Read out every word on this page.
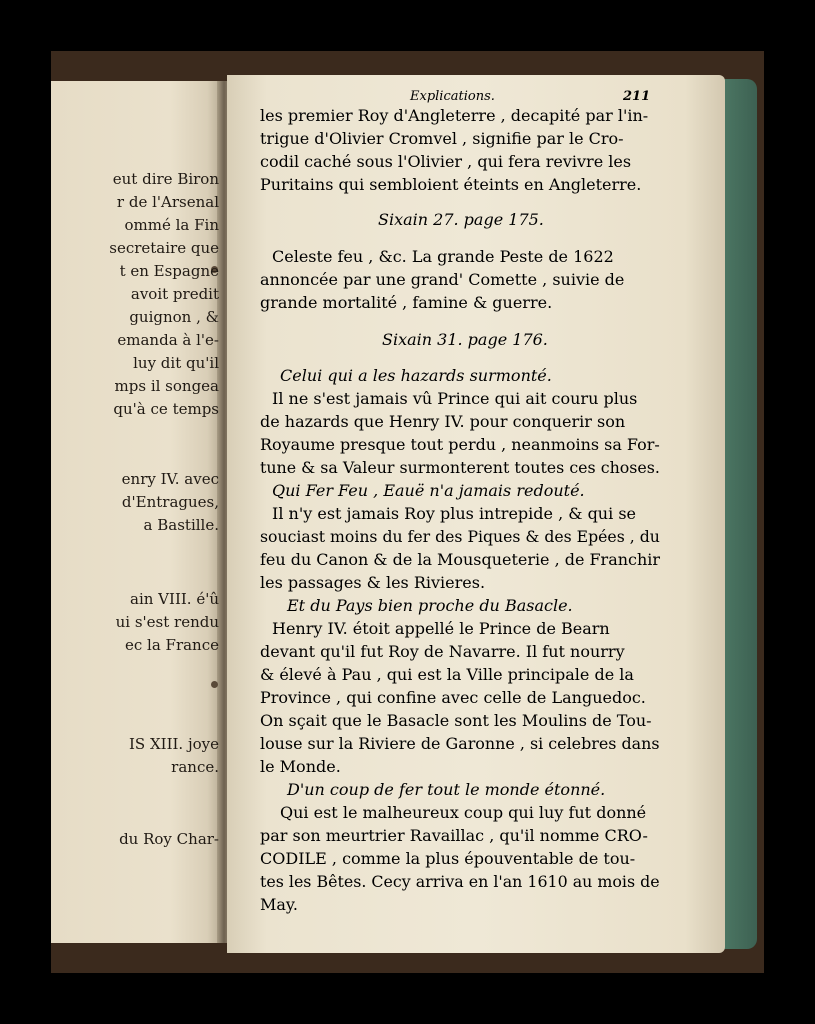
eut dire Biron
r de l'Arsenal
ommé la Fin
secretaire que
t en Espagne
avoit predit
guignon , &
emanda à l'e-
luy dit qu'il
mps il songea
qu'à ce temps
enry IV. avec
d'Entragues,
a Bastille.
ain VIII. é'û
ui s'est rendu
ec la France
IS XIII. joye
rance.
du Roy Char-
Explications.	211
les premier Roy d'Angleterre , decapité par l'in-
trigue d'Olivier Cromvel , signifie par le Cro-
codil caché sous l'Olivier , qui fera revivre les
Puritains qui sembloient éteints en Angleterre.
Sixain 27. page 175.
Celeste feu , &c. La grande Peste de 1622
annoncée par une grand' Comette , suivie de
grande mortalité , famine & guerre.
Sixain 31. page 176.
Celui qui a les hazards surmonté.
Il ne s'est jamais vû Prince qui ait couru plus
de hazards que Henry IV. pour conquerir son
Royaume presque tout perdu , neanmoins sa For-
tune & sa Valeur surmonterent toutes ces choses.
Qui Fer Feu , Eauë n'a jamais redouté.
Il n'y est jamais Roy plus intrepide , & qui se
souciast moins du fer des Piques & des Epées , du
feu du Canon & de la Mousqueterie , de Franchir
les passages & les Rivieres.
Et du Pays bien proche du Basacle.
Henry IV. étoit appellé le Prince de Bearn
devant qu'il fut Roy de Navarre. Il fut nourry
& élevé à Pau , qui est la Ville principale de la
Province , qui confine avec celle de Languedoc.
On sçait que le Basacle sont les Moulins de Tou-
louse sur la Riviere de Garonne , si celebres dans
le Monde.
D'un coup de fer tout le monde étonné.
Qui est le malheureux coup qui luy fut donné
par son meurtrier Ravaillac , qu'il nomme CRO-
CODILE , comme la plus épouventable de tou-
tes les Bêtes. Cecy arriva en l'an 1610 au mois de
May.
